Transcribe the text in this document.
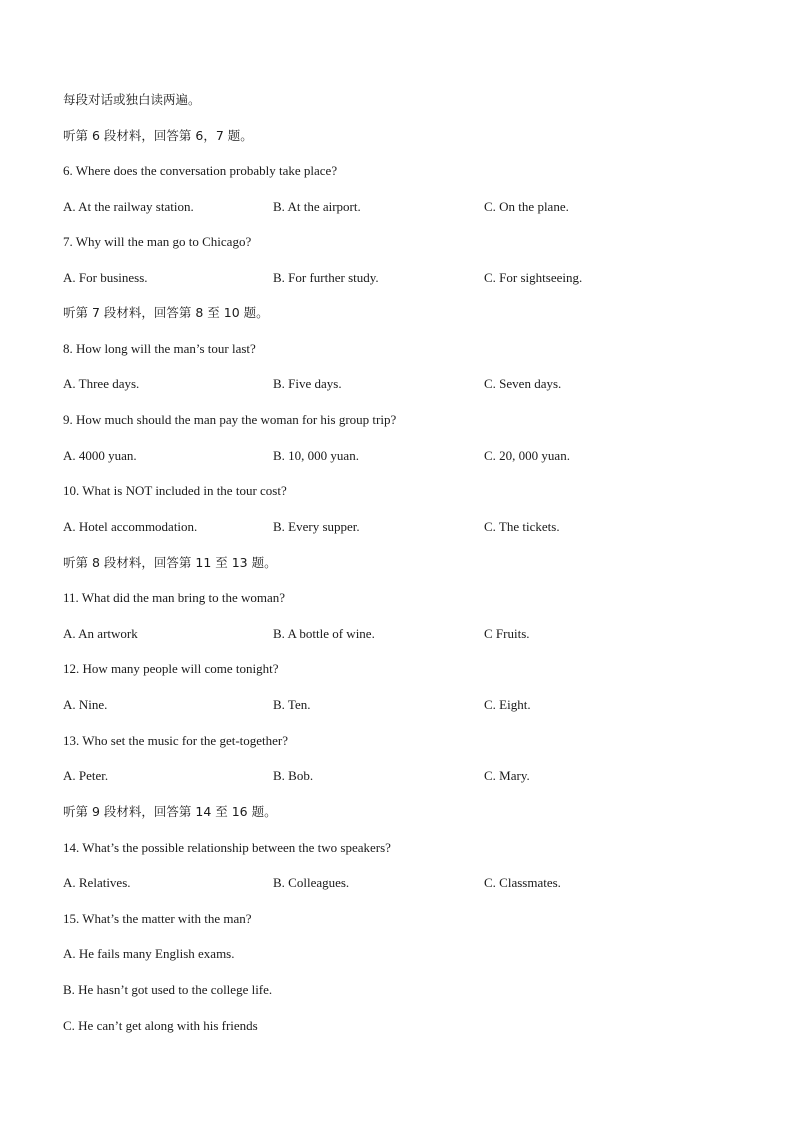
每段对话或独白读两遍。
听第 6 段材料，回答第 6，7 题。
6. Where does the conversation probably take place?
A. At the railway station.	B. At the airport.	C. On the plane.
7. Why will the man go to Chicago?
A. For business.	B. For further study.	C. For sightseeing.
听第 7 段材料，回答第 8 至 10 题。
8. How long will the man’s tour last?
A. Three days.	B. Five days.	C. Seven days.
9. How much should the man pay the woman for his group trip?
A. 4000 yuan.	B. 10, 000 yuan.	C. 20, 000 yuan.
10. What is NOT included in the tour cost?
A. Hotel accommodation.	B. Every supper.	C. The tickets.
听第 8 段材料，回答第 11 至 13 题。
11. What did the man bring to the woman?
A. An artwork	B. A bottle of wine.	C Fruits.
12. How many people will come tonight?
A. Nine.	B. Ten.	C. Eight.
13. Who set the music for the get-together?
A. Peter.	B. Bob.	C. Mary.
听第 9 段材料，回答第 14 至 16 题。
14. What’s the possible relationship between the two speakers?
A. Relatives.	B. Colleagues.	C. Classmates.
15. What’s the matter with the man?
A. He fails many English exams.
B. He hasn’t got used to the college life.
C. He can’t get along with his friends
